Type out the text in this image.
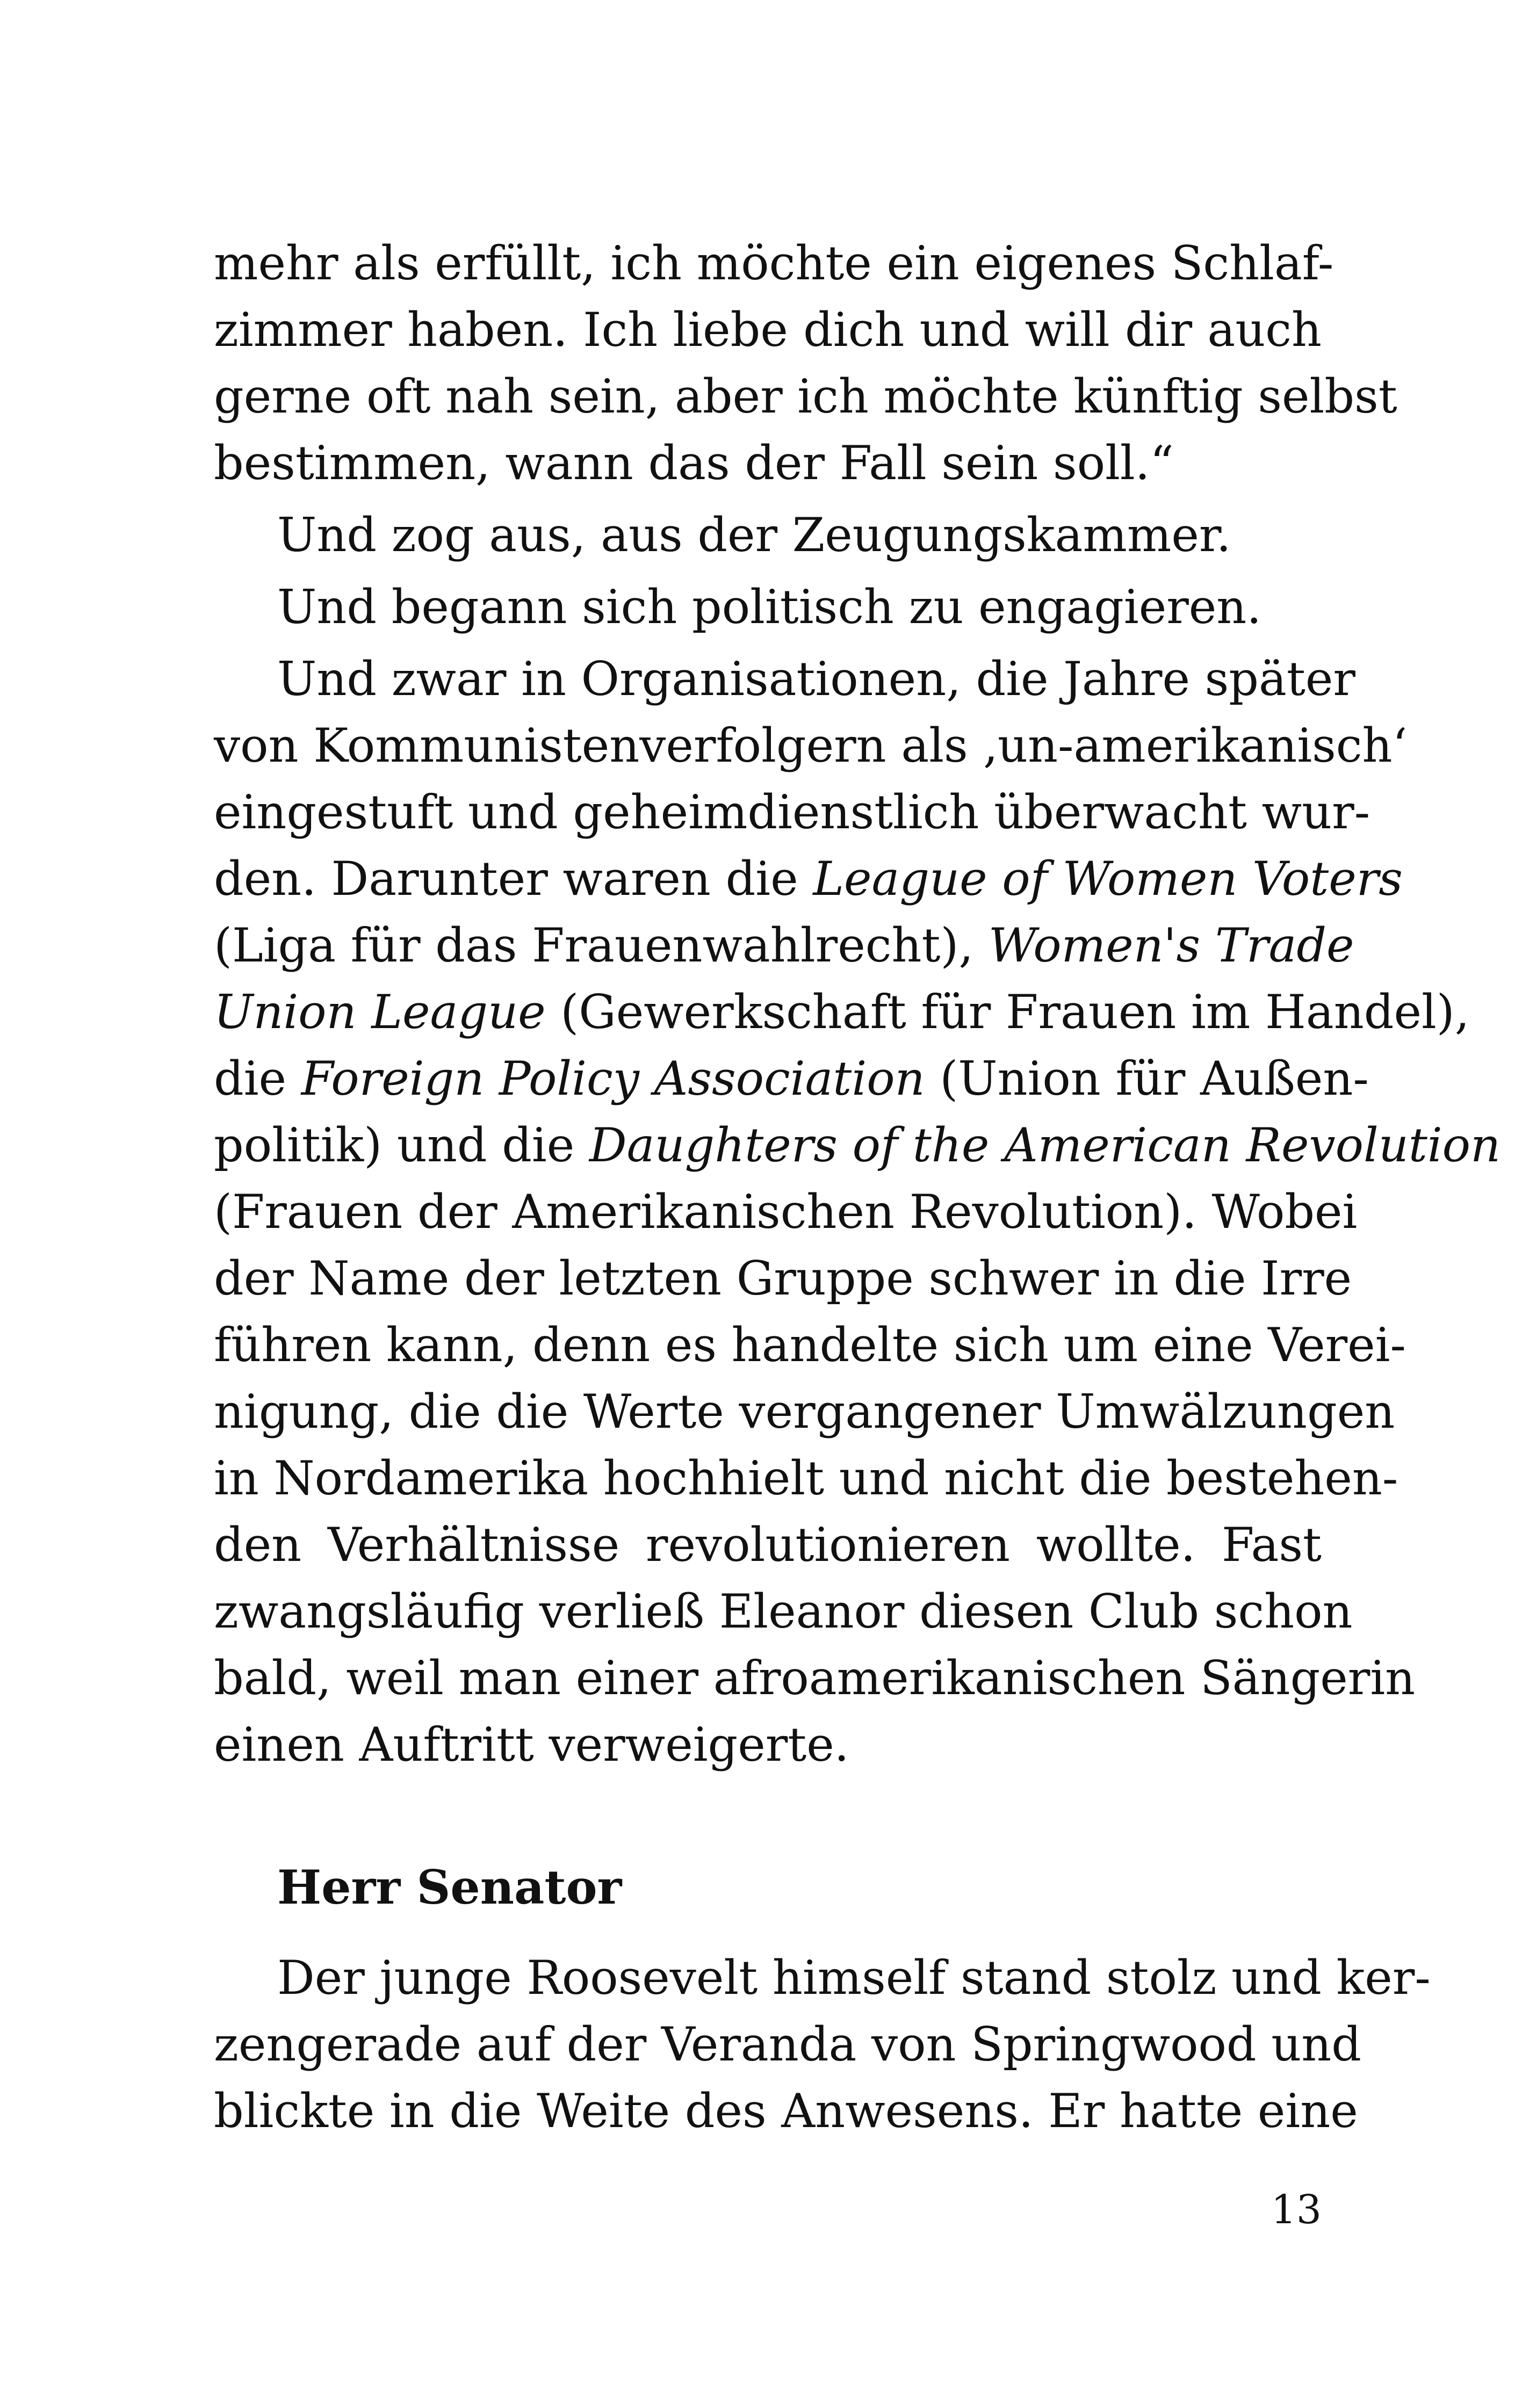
mehr als erfüllt, ich möchte ein eigenes Schlaf-
zimmer haben. Ich liebe dich und will dir auch
gerne oft nah sein, aber ich möchte künftig selbst
bestimmen, wann das der Fall sein soll.“
Und zog aus, aus der Zeugungskammer.
Und begann sich politisch zu engagieren.
Und zwar in Organisationen, die Jahre später
von Kommunistenverfolgern als ‚un-amerikanisch‘
eingestuft und geheimdienstlich überwacht wur-
den. Darunter waren die League of Women Voters
(Liga für das Frauenwahlrecht), Women's Trade
Union League (Gewerkschaft für Frauen im Handel),
die Foreign Policy Association (Union für Außen-
politik) und die Daughters of the American Revolution
(Frauen der Amerikanischen Revolution). Wobei
der Name der letzten Gruppe schwer in die Irre
führen kann, denn es handelte sich um eine Verei-
nigung, die die Werte vergangener Umwälzungen
in Nordamerika hochhielt und nicht die bestehen-
den Verhältnisse revolutionieren wollte. Fast
zwangsläufig verließ Eleanor diesen Club schon
bald, weil man einer afroamerikanischen Sängerin
einen Auftritt verweigerte.
Herr Senator
Der junge Roosevelt himself stand stolz und ker-
zengerade auf der Veranda von Springwood und
blickte in die Weite des Anwesens. Er hatte eine
13
